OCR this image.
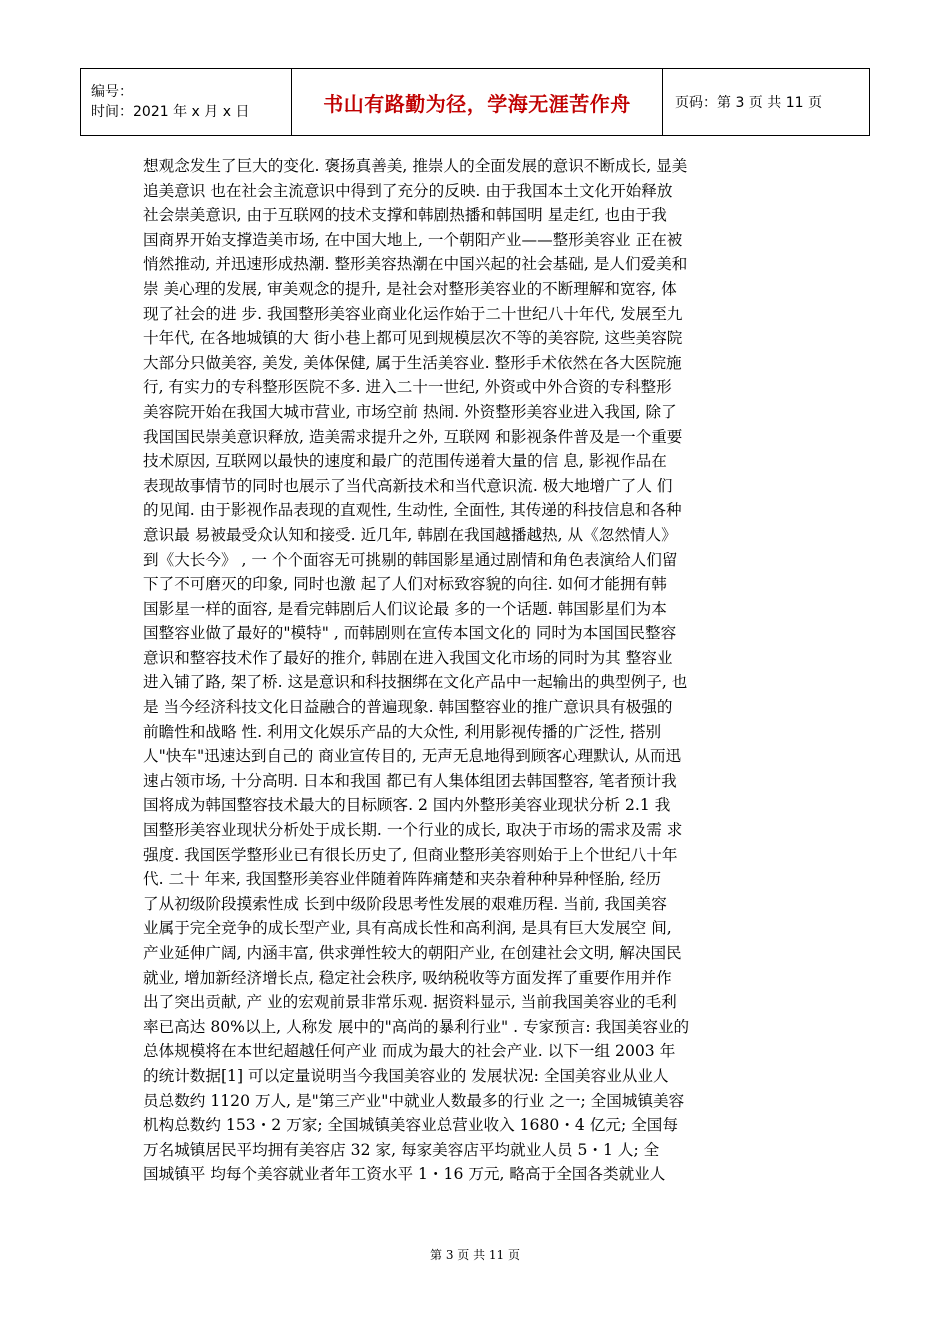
编号：
时间：2021 年 x 月 x 日	书山有路勤为径，学海无涯苦作舟	页码：第 3 页 共 11 页
想观念发生了巨大的变化. 褒扬真善美, 推崇人的全面发展的意识不断成长, 显美
追美意识 也在社会主流意识中得到了充分的反映. 由于我国本土文化开始释放
社会崇美意识, 由于互联网的技术支撑和韩剧热播和韩国明 星走红, 也由于我
国商界开始支撑造美市场, 在中国大地上, 一个朝阳产业——整形美容业 正在被
悄然推动, 并迅速形成热潮. 整形美容热潮在中国兴起的社会基础, 是人们爱美和
崇 美心理的发展, 审美观念的提升, 是社会对整形美容业的不断理解和宽容, 体
现了社会的进 步. 我国整形美容业商业化运作始于二十世纪八十年代, 发展至九
十年代, 在各地城镇的大 街小巷上都可见到规模层次不等的美容院, 这些美容院
大部分只做美容, 美发, 美体保健, 属于生活美容业. 整形手术依然在各大医院施
行, 有实力的专科整形医院不多. 进入二十一世纪, 外资或中外合资的专科整形
美容院开始在我国大城市营业, 市场空前 热闹. 外资整形美容业进入我国, 除了
我国国民崇美意识释放, 造美需求提升之外, 互联网 和影视条件普及是一个重要
技术原因, 互联网以最快的速度和最广的范围传递着大量的信 息, 影视作品在
表现故事情节的同时也展示了当代高新技术和当代意识流. 极大地增广了人 们
的见闻. 由于影视作品表现的直观性, 生动性, 全面性, 其传递的科技信息和各种
意识最 易被最受众认知和接受. 近几年, 韩剧在我国越播越热, 从《忽然情人》
到《大长今》 , 一 个个面容无可挑剔的韩国影星通过剧情和角色表演给人们留
下了不可磨灭的印象, 同时也激 起了人们对标致容貌的向往. 如何才能拥有韩
国影星一样的面容, 是看完韩剧后人们议论最 多的一个话题. 韩国影星们为本
国整容业做了最好的"模特" , 而韩剧则在宣传本国文化的 同时为本国国民整容
意识和整容技术作了最好的推介, 韩剧在进入我国文化市场的同时为其 整容业
进入铺了路, 架了桥. 这是意识和科技捆绑在文化产品中一起输出的典型例子, 也
是 当今经济科技文化日益融合的普遍现象. 韩国整容业的推广意识具有极强的
前瞻性和战略 性. 利用文化娱乐产品的大众性, 利用影视传播的广泛性, 搭别
人"快车"迅速达到自己的 商业宣传目的, 无声无息地得到顾客心理默认, 从而迅
速占领市场, 十分高明. 日本和我国 都已有人集体组团去韩国整容, 笔者预计我
国将成为韩国整容技术最大的目标顾客. 2 国内外整形美容业现状分析 2.1 我
国整形美容业现状分析处于成长期. 一个行业的成长, 取决于市场的需求及需 求
强度. 我国医学整形业已有很长历史了, 但商业整形美容则始于上个世纪八十年
代. 二十 年来, 我国整形美容业伴随着阵阵痛楚和夹杂着种种异种怪胎, 经历
了从初级阶段摸索性成 长到中级阶段思考性发展的艰难历程. 当前, 我国美容
业属于完全竞争的成长型产业, 具有高成长性和高利润, 是具有巨大发展空 间,
产业延伸广阔, 内涵丰富, 供求弹性较大的朝阳产业, 在创建社会文明, 解决国民
就业, 增加新经济增长点, 稳定社会秩序, 吸纳税收等方面发挥了重要作用并作
出了突出贡献, 产 业的宏观前景非常乐观. 据资料显示, 当前我国美容业的毛利
率已高达 80%以上, 人称发 展中的"高尚的暴利行业" . 专家预言: 我国美容业的
总体规模将在本世纪超越任何产业 而成为最大的社会产业. 以下一组 2003 年
的统计数据[1] 可以定量说明当今我国美容业的 发展状况: 全国美容业从业人
员总数约 1120 万人, 是"第三产业"中就业人数最多的行业 之一; 全国城镇美容
机构总数约 153・2 万家; 全国城镇美容业总营业收入 1680・4 亿元; 全国每
万名城镇居民平均拥有美容店 32 家, 每家美容店平均就业人员 5・1 人; 全
国城镇平 均每个美容就业者年工资水平 1・16 万元, 略高于全国各类就业人
第 3 页 共 11 页
